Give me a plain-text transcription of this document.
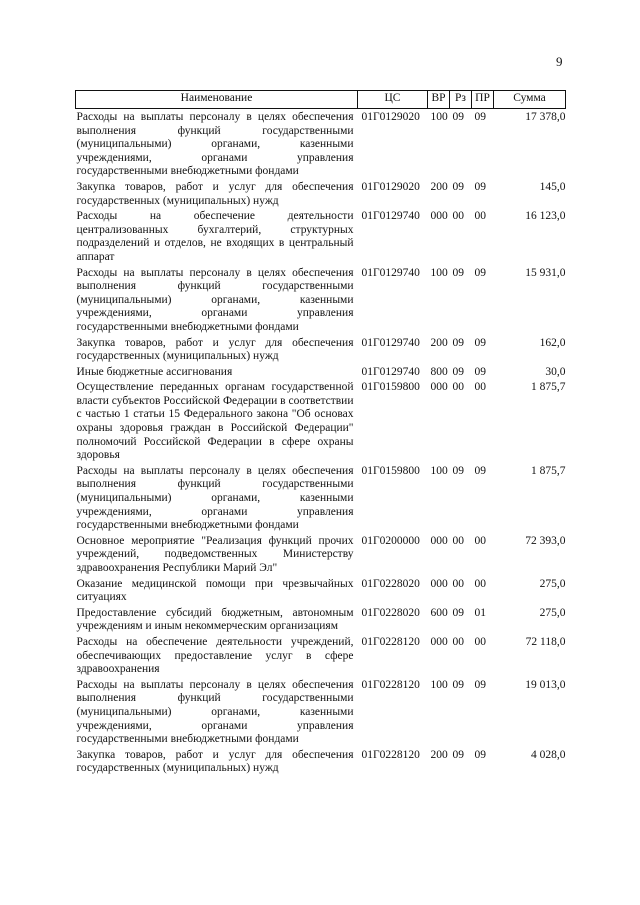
9
Наименование	ЦС	ВР	Рз	ПР	Сумма
Расходы на выплаты персоналу в целях обеспечения выполнения функций государственными (муниципальными) органами, казенными учреждениями, органами управления государственными внебюджетными фондами	01Г0129020	100	09	09	17 378,0
Закупка товаров, работ и услуг для обеспечения государственных (муниципальных) нужд	01Г0129020	200	09	09	145,0
Расходы на обеспечение деятельности централизованных бухгалтерий, структурных подразделений и отделов, не входящих в центральный аппарат	01Г0129740	000	00	00	16 123,0
Расходы на выплаты персоналу в целях обеспечения выполнения функций государственными (муниципальными) органами, казенными учреждениями, органами управления государственными внебюджетными фондами	01Г0129740	100	09	09	15 931,0
Закупка товаров, работ и услуг для обеспечения государственных (муниципальных) нужд	01Г0129740	200	09	09	162,0
Иные бюджетные ассигнования	01Г0129740	800	09	09	30,0
Осуществление переданных органам государственной власти субъектов Российской Федерации в соответствии с частью 1 статьи 15 Федерального закона "Об основах охраны здоровья граждан в Российской Федерации" полномочий Российской Федерации в сфере охраны здоровья	01Г0159800	000	00	00	1 875,7
Расходы на выплаты персоналу в целях обеспечения выполнения функций государственными (муниципальными) органами, казенными учреждениями, органами управления государственными внебюджетными фондами	01Г0159800	100	09	09	1 875,7
Основное мероприятие "Реализация функций прочих учреждений, подведомственных Министерству здравоохранения Республики Марий Эл"	01Г0200000	000	00	00	72 393,0
Оказание медицинской помощи при чрезвычайных ситуациях	01Г0228020	000	00	00	275,0
Предоставление субсидий бюджетным, автономным учреждениям и иным некоммерческим организациям	01Г0228020	600	09	01	275,0
Расходы на обеспечение деятельности учреждений, обеспечивающих предоставление услуг в сфере здравоохранения	01Г0228120	000	00	00	72 118,0
Расходы на выплаты персоналу в целях обеспечения выполнения функций государственными (муниципальными) органами, казенными учреждениями, органами управления государственными внебюджетными фондами	01Г0228120	100	09	09	19 013,0
Закупка товаров, работ и услуг для обеспечения государственных (муниципальных) нужд	01Г0228120	200	09	09	4 028,0
